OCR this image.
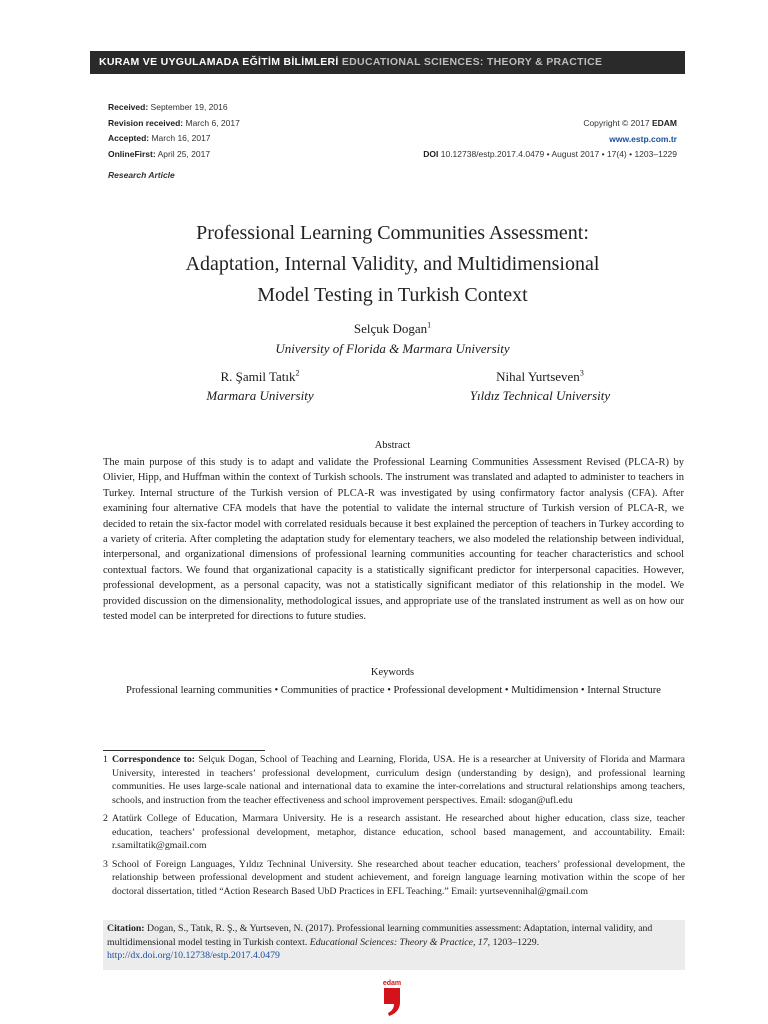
KURAM VE UYGULAMADA EĞİTİM BİLİMLERİ EDUCATIONAL SCIENCES: THEORY & PRACTICE
Received: September 19, 2016
Revision received: March 6, 2017
Accepted: March 16, 2017
OnlineFirst: April 25, 2017
Copyright © 2017 EDAM
www.estp.com.tr
DOI 10.12738/estp.2017.4.0479 • August 2017 • 17(4) • 1203–1229
Research Article
Professional Learning Communities Assessment:
Adaptation, Internal Validity, and Multidimensional
Model Testing in Turkish Context
Selçuk Dogan$^1$
University of Florida & Marmara University
R. Şamil Tatık$^2$
Marmara University
Nihal Yurtseven$^3$
Yıldız Technical University
Abstract
The main purpose of this study is to adapt and validate the Professional Learning Communities Assessment Revised (PLCA-R) by Olivier, Hipp, and Huffman within the context of Turkish schools. The instrument was translated and adapted to administer to teachers in Turkey. Internal structure of the Turkish version of PLCA-R was investigated by using confirmatory factor analysis (CFA). After examining four alternative CFA models that have the potential to validate the internal structure of Turkish version of PLCA-R, we decided to retain the six-factor model with correlated residuals because it best explained the perception of teachers in Turkey according to a variety of criteria. After completing the adaptation study for elementary teachers, we also modeled the relationship between individual, interpersonal, and organizational dimensions of professional learning communities accounting for teacher characteristics and school contextual factors. We found that organizational capacity is a statistically significant predictor for interpersonal capacities. However, professional development, as a personal capacity, was not a statistically significant mediator of this relationship in the model. We provided discussion on the dimensionality, methodological issues, and appropriate use of the translated instrument as well as on how our tested model can be interpreted for directions to future studies.
Keywords
Professional learning communities • Communities of practice • Professional development • Multidimension • Internal Structure
1 Correspondence to: Selçuk Dogan, School of Teaching and Learning, Florida, USA. He is a researcher at University of Florida and Marmara University, interested in teachers’ professional development, curriculum design (understanding by design), and professional learning communities. He uses large-scale national and international data to examine the inter-correlations and structural relationships among teachers, schools, and instruction from the teacher effectiveness and school improvement perspectives. Email: sdogan@ufl.edu
2 Atatürk College of Education, Marmara University. He is a research assistant. He researched about higher education, class size, teacher education, teachers’ professional development, metaphor, distance education, school based management, and accountability. Email: r.samiltatik@gmail.com
3 School of Foreign Languages, Yıldız Techninal University. She researched about teacher education, teachers’ professional development, the relationship between professional development and student achievement, and foreign language learning motivation within the scope of her doctoral dissertation, titled “Action Research Based UbD Practices in EFL Teaching.” Email: yurtsevennihal@gmail.com
Citation: Dogan, S., Tatık, R. Ş., & Yurtseven, N. (2017). Professional learning communities assessment: Adaptation, internal validity, and multidimensional model testing in Turkish context. Educational Sciences: Theory & Practice, 17, 1203–1229.
http://dx.doi.org/10.12738/estp.2017.4.0479
edam
